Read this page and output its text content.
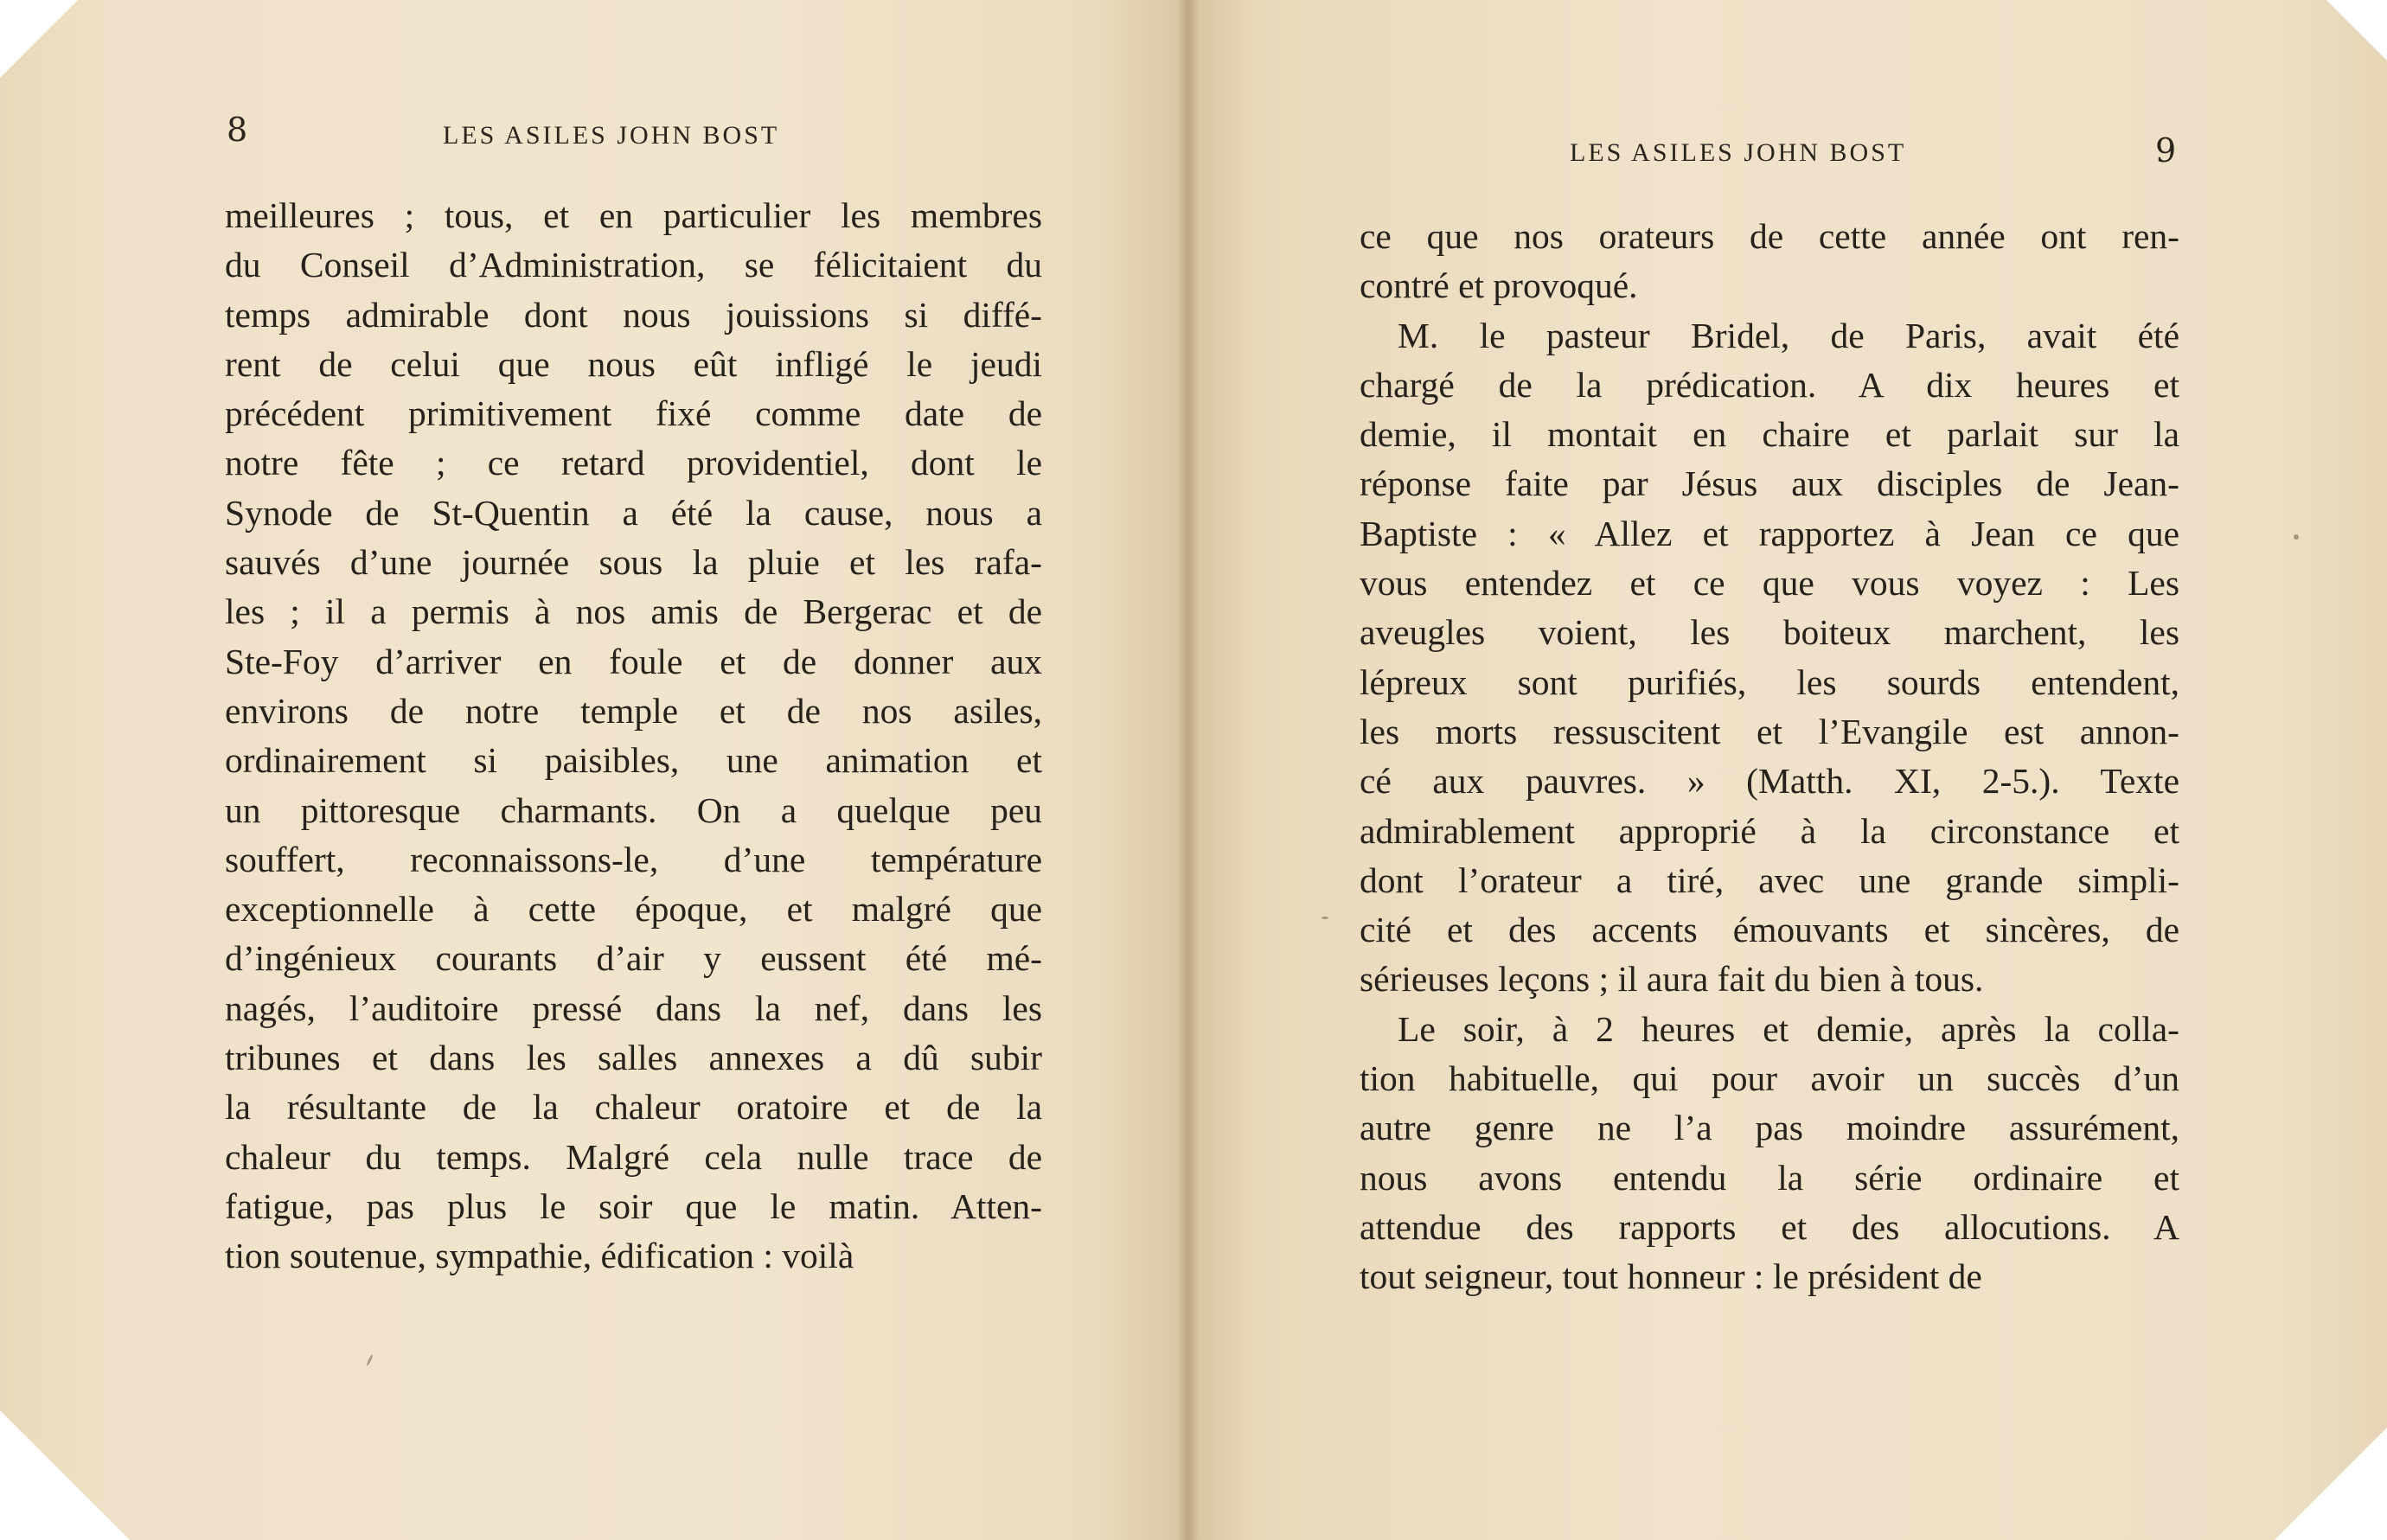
8	LES ASILES JOHN BOST
meilleures ; tous, et en particulier les membres
du Conseil d’Administration, se félicitaient du
temps admirable dont nous jouissions si diffé-
rent de celui que nous eût infligé le jeudi
précédent primitivement fixé comme date de
notre fête ; ce retard providentiel, dont le
Synode de St-Quentin a été la cause, nous a
sauvés d’une journée sous la pluie et les rafa-
les ; il a permis à nos amis de Bergerac et de
Ste-Foy d’arriver en foule et de donner aux
environs de notre temple et de nos asiles,
ordinairement si paisibles, une animation et
un pittoresque charmants. On a quelque peu
souffert, reconnaissons-le, d’une température
exceptionnelle à cette époque, et malgré que
d’ingénieux courants d’air y eussent été mé-
nagés, l’auditoire pressé dans la nef, dans les
tribunes et dans les salles annexes a dû subir
la résultante de la chaleur oratoire et de la
chaleur du temps. Malgré cela nulle trace de
fatigue, pas plus le soir que le matin. Atten-
tion soutenue, sympathie, édification : voilà
LES ASILES JOHN BOST	9
ce que nos orateurs de cette année ont ren-
contré et provoqué.
M. le pasteur Bridel, de Paris, avait été
chargé de la prédication. A dix heures et
demie, il montait en chaire et parlait sur la
réponse faite par Jésus aux disciples de Jean-
Baptiste : « Allez et rapportez à Jean ce que
vous entendez et ce que vous voyez : Les
aveugles voient, les boiteux marchent, les
lépreux sont purifiés, les sourds entendent,
les morts ressuscitent et l’Evangile est annon-
cé aux pauvres. » (Matth. XI, 2-5.). Texte
admirablement approprié à la circonstance et
dont l’orateur a tiré, avec une grande simpli-
cité et des accents émouvants et sincères, de
sérieuses leçons ; il aura fait du bien à tous.
Le soir, à 2 heures et demie, après la colla-
tion habituelle, qui pour avoir un succès d’un
autre genre ne l’a pas moindre assurément,
nous avons entendu la série ordinaire et
attendue des rapports et des allocutions. A
tout seigneur, tout honneur : le président de
